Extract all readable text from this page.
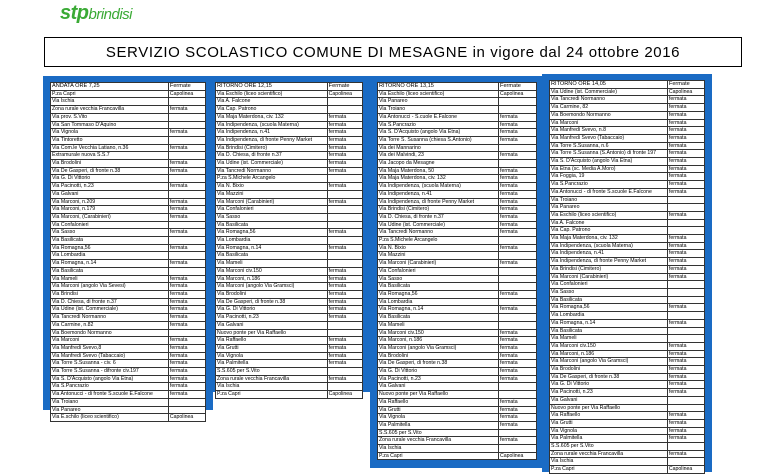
stpbrindisi
SERVIZIO SCOLASTICO COMUNE DI MESAGNE in vigore dal 24 ottobre 2016
ANDATA ORE 7,25	Fermate
P.za Capri	Capolinea
Via Ischia	
Zona rurale vecchia Francavilla	fermata
Via prov. S.Vito	
Via San Tommaso D'Aquino	
Via Vignola	fermata
Via Tintoretto	
Via Com.le Vecchia Latiano, n.36	fermata
Extramurale nuova S.S.7	
Via Brodolini	fermata
Via De Gasperi, di fronte n.38	fermata
Via G. Di Vittorio	
Via Pacinotti, n.23	fermata
Via Galvani	
Via Marconi, n.209	fermata
Via Marconi, n.179	fermata
Via Marconi, (Carabinieri)	fermata
Via Confalonieri	
Via Sasso	fermata
Via Basilicata	
Via Romagna,56	fermata
Via Lombardia	
Via Romagna, n.14	fermata
Via Basilicata	
Via Mameli	fermata
Via Marconi (angolo Via Sevesi)	fermata
Via Brindisi	fermata
Via D. Chiesa, di fronte n.37	fermata
Via Udine (ist. Commerciale)	fermata
Via Tancredi Normanno	fermata
Via Carmine, n.82	fermata
Via Boemondo Normanno	
Via Marconi	fermata
Via Manfredi Svevo,8	fermata
Via Manfredi Svevo (Tabaccaio)	fermata
Via Torre S.Susanna - civ. 6	fermata
Via Torre S.Susanna - difronte civ.197	fermata
Via S. D'Acquisto (angolo Via Etna)	fermata
Via S.Pancrazio	fermata
Via Antonucci - di fronte S.scuole E.Falcone	fermata
Via Troiano	
Via Panareo	
Via E.schilo (liceo scientifico)	Capolinea
RITORNO ORE 12,15	Fermate
Via Eschilo (liceo scientifico)	Capolinea
Via A. Falcone	
Via Cap. Patrono	
Via Maja Materdona, civ. 132	fermata
Via Indipendenza, (scuola Materna)	fermata
Via Indipendenza, n.41	fermata
Via Indipendenza, di fronte Penny Market	fermata
Via Brindisi (Cimitero)	fermata
Via D. Chiesa, di fronte n.37	fermata
Via Udine (ist. Commerciale)	fermata
Via Tancredi Normanno	fermata
P.za S.Michele Arcangelo	
Via N. Bixio	fermata
Via Mazzini	
Via Marconi (Carabinieri)	fermata
Via Confalonieri	
Via Sasso	
Via Basilicata	
Via Romagna,56	fermata
Via Lombardia	
Via Romagna, n.14	fermata
Via Basilicata	
Via Mameli	
Via Marconi civ.150	fermata
Via Marconi, n.186	fermata
Via Marconi (angolo Via Gramsci)	fermata
Via Brodolini	fermata
Via De Gasperi, di fronte n.38	fermata
Via G. Di Vittorio	fermata
Via Pacinotti, n.23	fermata
Via Galvani	
Nuovo ponte per Via Raffaello	
Via Raffaello	fermata
Via Grutti	fermata
Via Vignola	fermata
Via Palmitella	fermata
S.S.605 per S.Vito	
Zona rurale vecchia Francavilla	fermata
Via Ischia	
P.za Capri	Capolinea
RITORNO ORE 13,15	Fermate
Via Eschilo (liceo scientifico)	Capolinea
Via Panareo	
Via Troiano	
Via Antonucci - S.cuole E.Falcone	fermata
Via S.Pancrazio	fermata
Via S. D'Acquisto (angolo Via Etna)	fermata
Via Torre S. Susanna (chiesa S.Antonio)	fermata
Via dei Mannarino	
Via dei Malvindi, 23	fermata
Via Jacopo da Mesagne	
Via Maja Materdona, 50	fermata
Via Maja Materdona, civ. 132	fermata
Via Indipendenza, (scuola Materna)	fermata
Via Indipendenza, n.41	fermata
Via Indipendenza, di fronte Penny Market	fermata
Via Brindisi (Cimitero)	fermata
Via D. Chiesa, di fronte n.37	fermata
Via Udine (ist. Commerciale)	fermata
Via Tancredi Normanno	fermata
P.za S.Michele Arcangelo	
Via N. Bixio	fermata
Via Mazzini	
Via Marconi (Carabinieri)	fermata
Via Confalonieri	
Via Sasso	
Via Basilicata	
Via Romagna,56	fermata
Via Lombardia	
Via Romagna, n.14	fermata
Via Basilicata	
Via Mameli	
Via Marconi civ.150	fermata
Via Marconi, n.186	fermata
Via Marconi (angolo Via Gramsci)	fermata
Via Brodolini	fermata
Via De Gasperi, di fronte n.38	fermata
Via G. Di Vittorio	fermata
Via Pacinotti, n.23	fermata
Via Galvani	
Nuovo ponte per Via Raffaello	
Via Raffaello	fermata
Via Grutti	fermata
Via Vignola	fermata
Via Palmitella	fermata
S.S.605 per S.Vito	
Zona rurale vecchia Francavilla	fermata
Via Ischia	
P.za Capri	Capolinea
RITORNO ORE 14,05	Fermate
Via Udine (ist. Commerciale)	Capolinea
Via Tancredi Normanno	fermata
Via Carmine, 82	fermata
Via Boemondo Normanno	fermata
Via Marconi	fermata
Via Manfredi Svevo, n.8	fermata
Via Manfredi Svevo (Tabaccaio)	fermata
Via Torre S.Susanna, n.6	fermata
Via Torre S.Susanna (S.Antonio) di fronte 197	fermata
Via S. D'Acquisto (angolo Via Etna)	fermata
Via Etna (sc. Media A.Moro)	fermata
Via Foggia, 19	fermata
Via S.Pancrazio	fermata
Via Antonucci - di fronte S.scuole E.Falcone	fermata
Via Troiano	
Via Panareo	
Via Eschilo (liceo scientifico)	fermata
Via A. Falcone	
Via Cap. Patrono	
Via Maja Materdona, civ. 132	fermata
Via Indipendenza, (scuola Materna)	fermata
Via Indipendenza, n.41	fermata
Via Indipendenza, di fronte Penny Market	fermata
Via Brindisi (Cimitero)	fermata
Via Marconi (Carabinieri)	fermata
Via Confalonieri	
Via Sasso	
Via Basilicata	
Via Romagna,56	fermata
Via Lombardia	
Via Romagna, n.14	fermata
Via Basilicata	
Via Mameli	
Via Marconi civ.150	fermata
Via Marconi, n.186	fermata
Via Marconi (angolo Via Gramsci)	fermata
Via Brodolini	fermata
Via De Gasperi, di fronte n.38	fermata
Via G. Di Vittorio	fermata
Via Pacinotti, n.23	fermata
Via Galvani	
Nuovo ponte per Via Raffaello	
Via Raffaello	fermata
Via Grutti	fermata
Via Vignola	fermata
Via Palmitella	fermata
S.S.605 per S.Vito	
Zona rurale vecchia Francavilla	fermata
Via Ischia	
P.za Capri	Capolinea
